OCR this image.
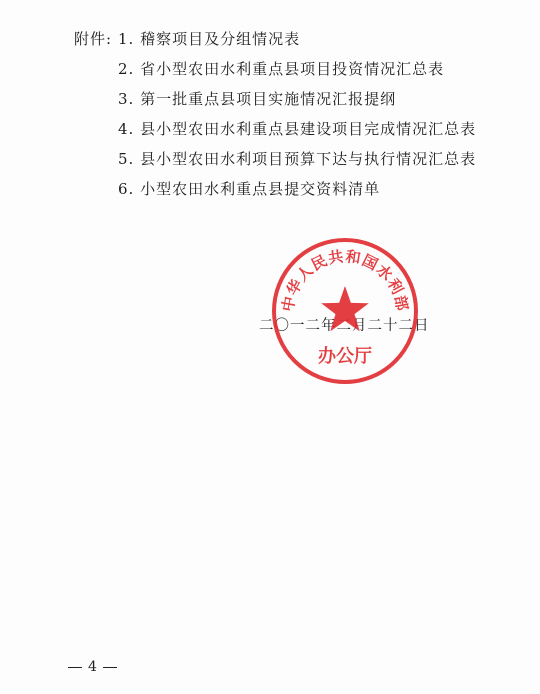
附件: 1. 稽察项目及分组情况表
2. 省小型农田水利重点县项目投资情况汇总表
3. 第一批重点县项目实施情况汇报提纲
4. 县小型农田水利重点县建设项目完成情况汇总表
5. 县小型农田水利项目预算下达与执行情况汇总表
6. 小型农田水利重点县提交资料清单
二〇一二年二月二十二日
中华人民共和国水利部
办公厅
4
